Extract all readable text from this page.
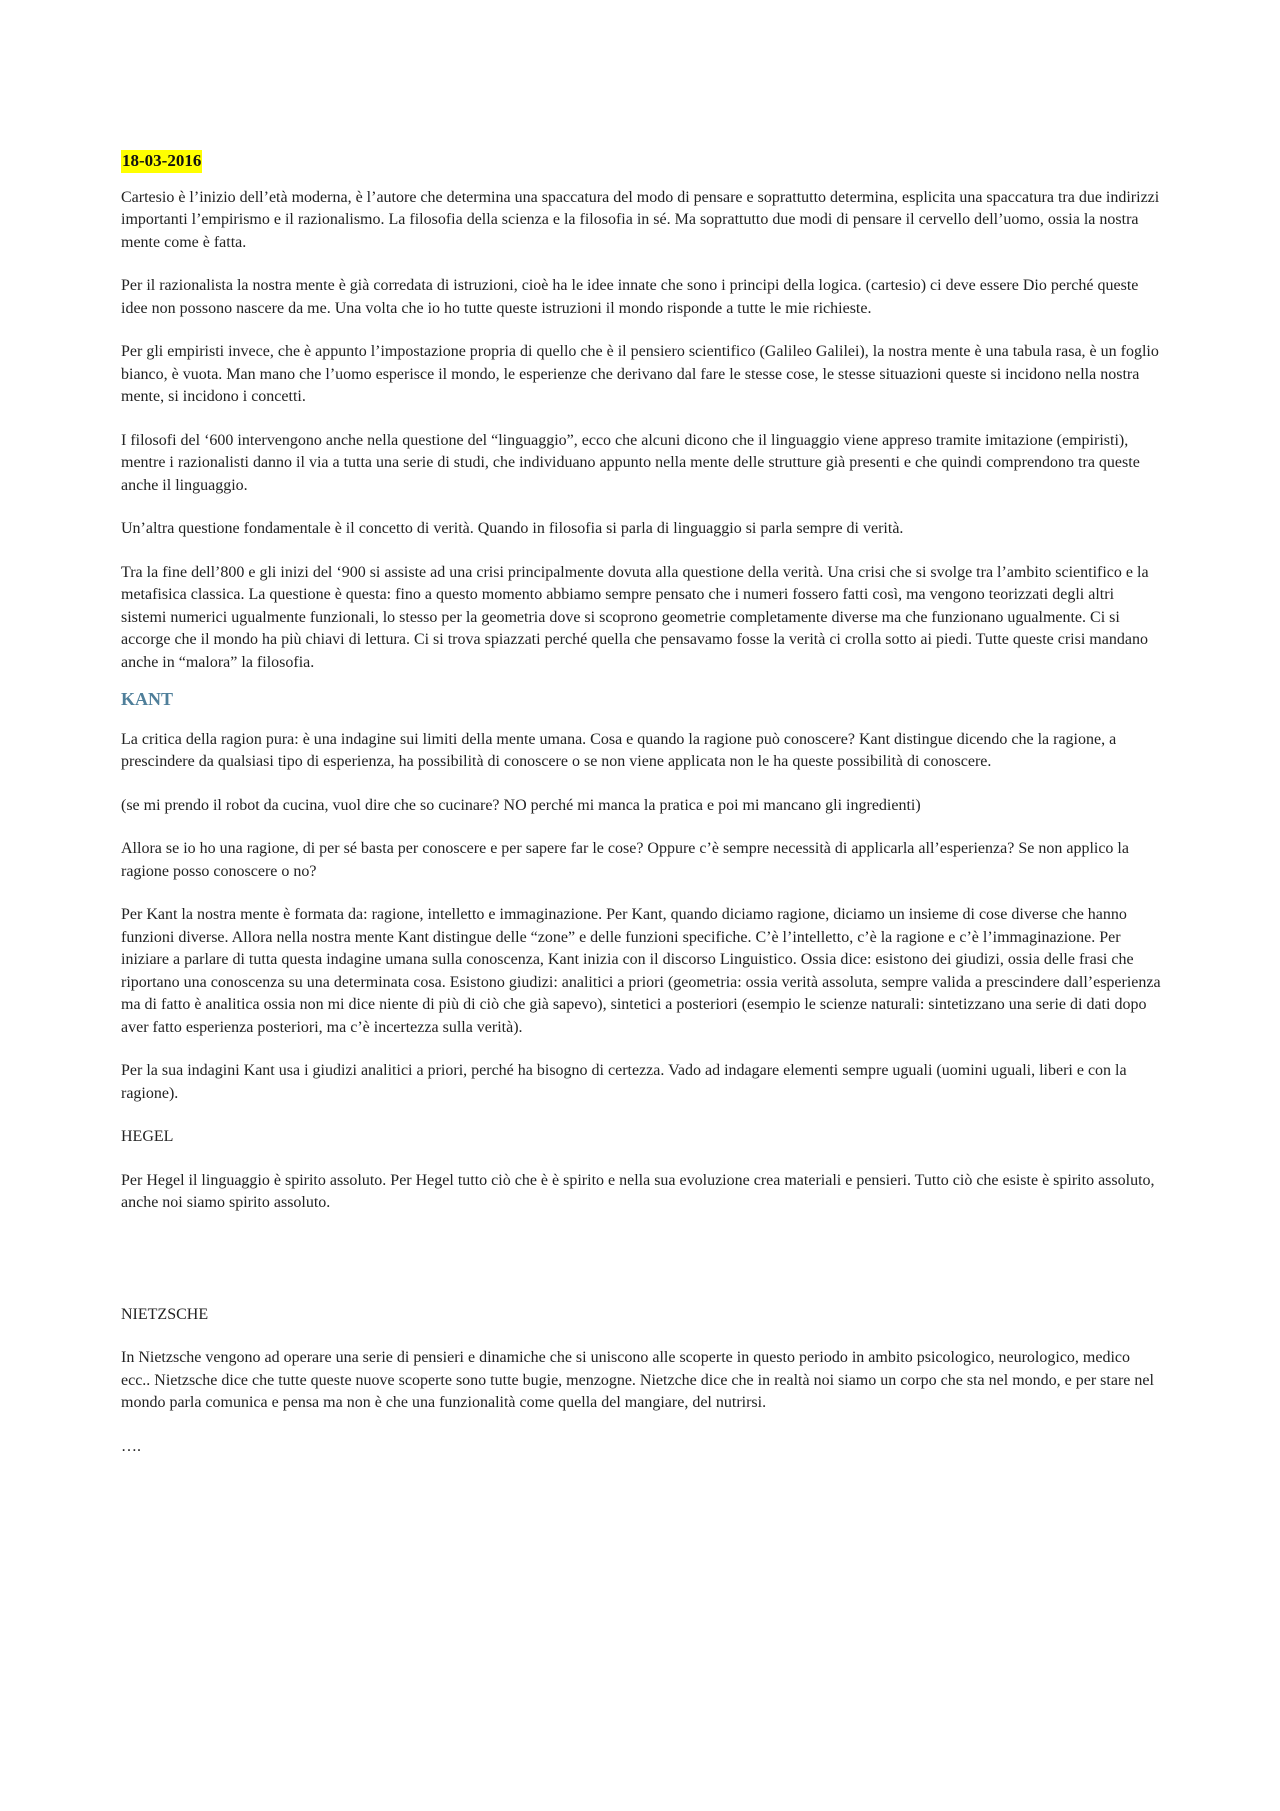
18-03-2016

Cartesio è l’inizio dell’età moderna, è l’autore che determina una spaccatura del modo di pensare e soprattutto determina, esplicita una spaccatura tra due indirizzi importanti l’empirismo e il razionalismo. La filosofia della scienza e la filosofia in sé. Ma soprattutto due modi di pensare il cervello dell’uomo, ossia la nostra mente come è fatta.

Per il razionalista la nostra mente è già corredata di istruzioni, cioè ha le idee innate che sono i principi della logica. (cartesio) ci deve essere Dio perché queste idee non possono nascere da me. Una volta che io ho tutte queste istruzioni il mondo risponde a tutte le mie richieste.

Per gli empiristi invece, che è appunto l’impostazione propria di quello che è il pensiero scientifico (Galileo Galilei), la nostra mente è una tabula rasa, è un foglio bianco, è vuota. Man mano che l’uomo esperisce il mondo, le esperienze che derivano dal fare le stesse cose, le stesse situazioni queste si incidono nella nostra mente, si incidono i concetti.

I filosofi del ‘600 intervengono anche nella questione del “linguaggio”, ecco che alcuni dicono che il linguaggio viene appreso tramite imitazione (empiristi), mentre i razionalisti danno il via a tutta una serie di studi, che individuano appunto nella mente delle strutture già presenti e che quindi comprendono tra queste anche il linguaggio.

Un’altra questione fondamentale è il concetto di verità. Quando in filosofia si parla di linguaggio si parla sempre di verità.

Tra la fine dell’800 e gli inizi del ‘900 si assiste ad una crisi principalmente dovuta alla questione della verità. Una crisi che si svolge tra l’ambito scientifico e la metafisica classica. La questione è questa: fino a questo momento abbiamo sempre pensato che i numeri fossero fatti così, ma vengono teorizzati degli altri sistemi numerici ugualmente funzionali, lo stesso per la geometria dove si scoprono geometrie completamente diverse ma che funzionano ugualmente. Ci si accorge che il mondo ha più chiavi di lettura. Ci si trova spiazzati perché quella che pensavamo fosse la verità ci crolla sotto ai piedi. Tutte queste crisi mandano anche in “malora” la filosofia.

KANT

La critica della ragion pura: è una indagine sui limiti della mente umana. Cosa e quando la ragione può conoscere? Kant distingue dicendo che la ragione, a prescindere da qualsiasi tipo di esperienza, ha possibilità di conoscere o se non viene applicata non le ha queste possibilità di conoscere.

(se mi prendo il robot da cucina, vuol dire che so cucinare? NO perché mi manca la pratica e poi mi mancano gli ingredienti)

Allora se io ho una ragione, di per sé basta per conoscere e per sapere far le cose? Oppure c’è sempre necessità di applicarla all’esperienza? Se non applico la ragione posso conoscere o no?

Per Kant la nostra mente è formata da: ragione, intelletto e immaginazione. Per Kant, quando diciamo ragione, diciamo un insieme di cose diverse che hanno funzioni diverse. Allora nella nostra mente Kant distingue delle “zone” e delle funzioni specifiche. C’è l’intelletto, c’è la ragione e c’è l’immaginazione. Per iniziare a parlare di tutta questa indagine umana sulla conoscenza, Kant inizia con il discorso Linguistico. Ossia dice: esistono dei giudizi, ossia delle frasi che riportano una conoscenza su una determinata cosa. Esistono giudizi: analitici a priori (geometria: ossia verità assoluta, sempre valida a prescindere dall’esperienza ma di fatto è analitica ossia non mi dice niente di più di ciò che già sapevo), sintetici a posteriori (esempio le scienze naturali: sintetizzano una serie di dati dopo aver fatto esperienza posteriori, ma c’è incertezza sulla verità).

Per la sua indagini Kant usa i giudizi analitici a priori, perché ha bisogno di certezza. Vado ad indagare elementi sempre uguali (uomini uguali, liberi e con la ragione).

HEGEL

Per Hegel il linguaggio è spirito assoluto. Per Hegel tutto ciò che è è spirito e nella sua evoluzione crea materiali e pensieri. Tutto ciò che esiste è spirito assoluto, anche noi siamo spirito assoluto.

NIETZSCHE

In Nietzsche vengono ad operare una serie di pensieri e dinamiche che si uniscono alle scoperte in questo periodo in ambito psicologico, neurologico, medico ecc.. Nietzsche dice che tutte queste nuove scoperte sono tutte bugie, menzogne. Nietzche dice che in realtà noi siamo un corpo che sta nel mondo, e per stare nel mondo parla comunica e pensa ma non è che una funzionalità come quella del mangiare, del nutrirsi.

….
